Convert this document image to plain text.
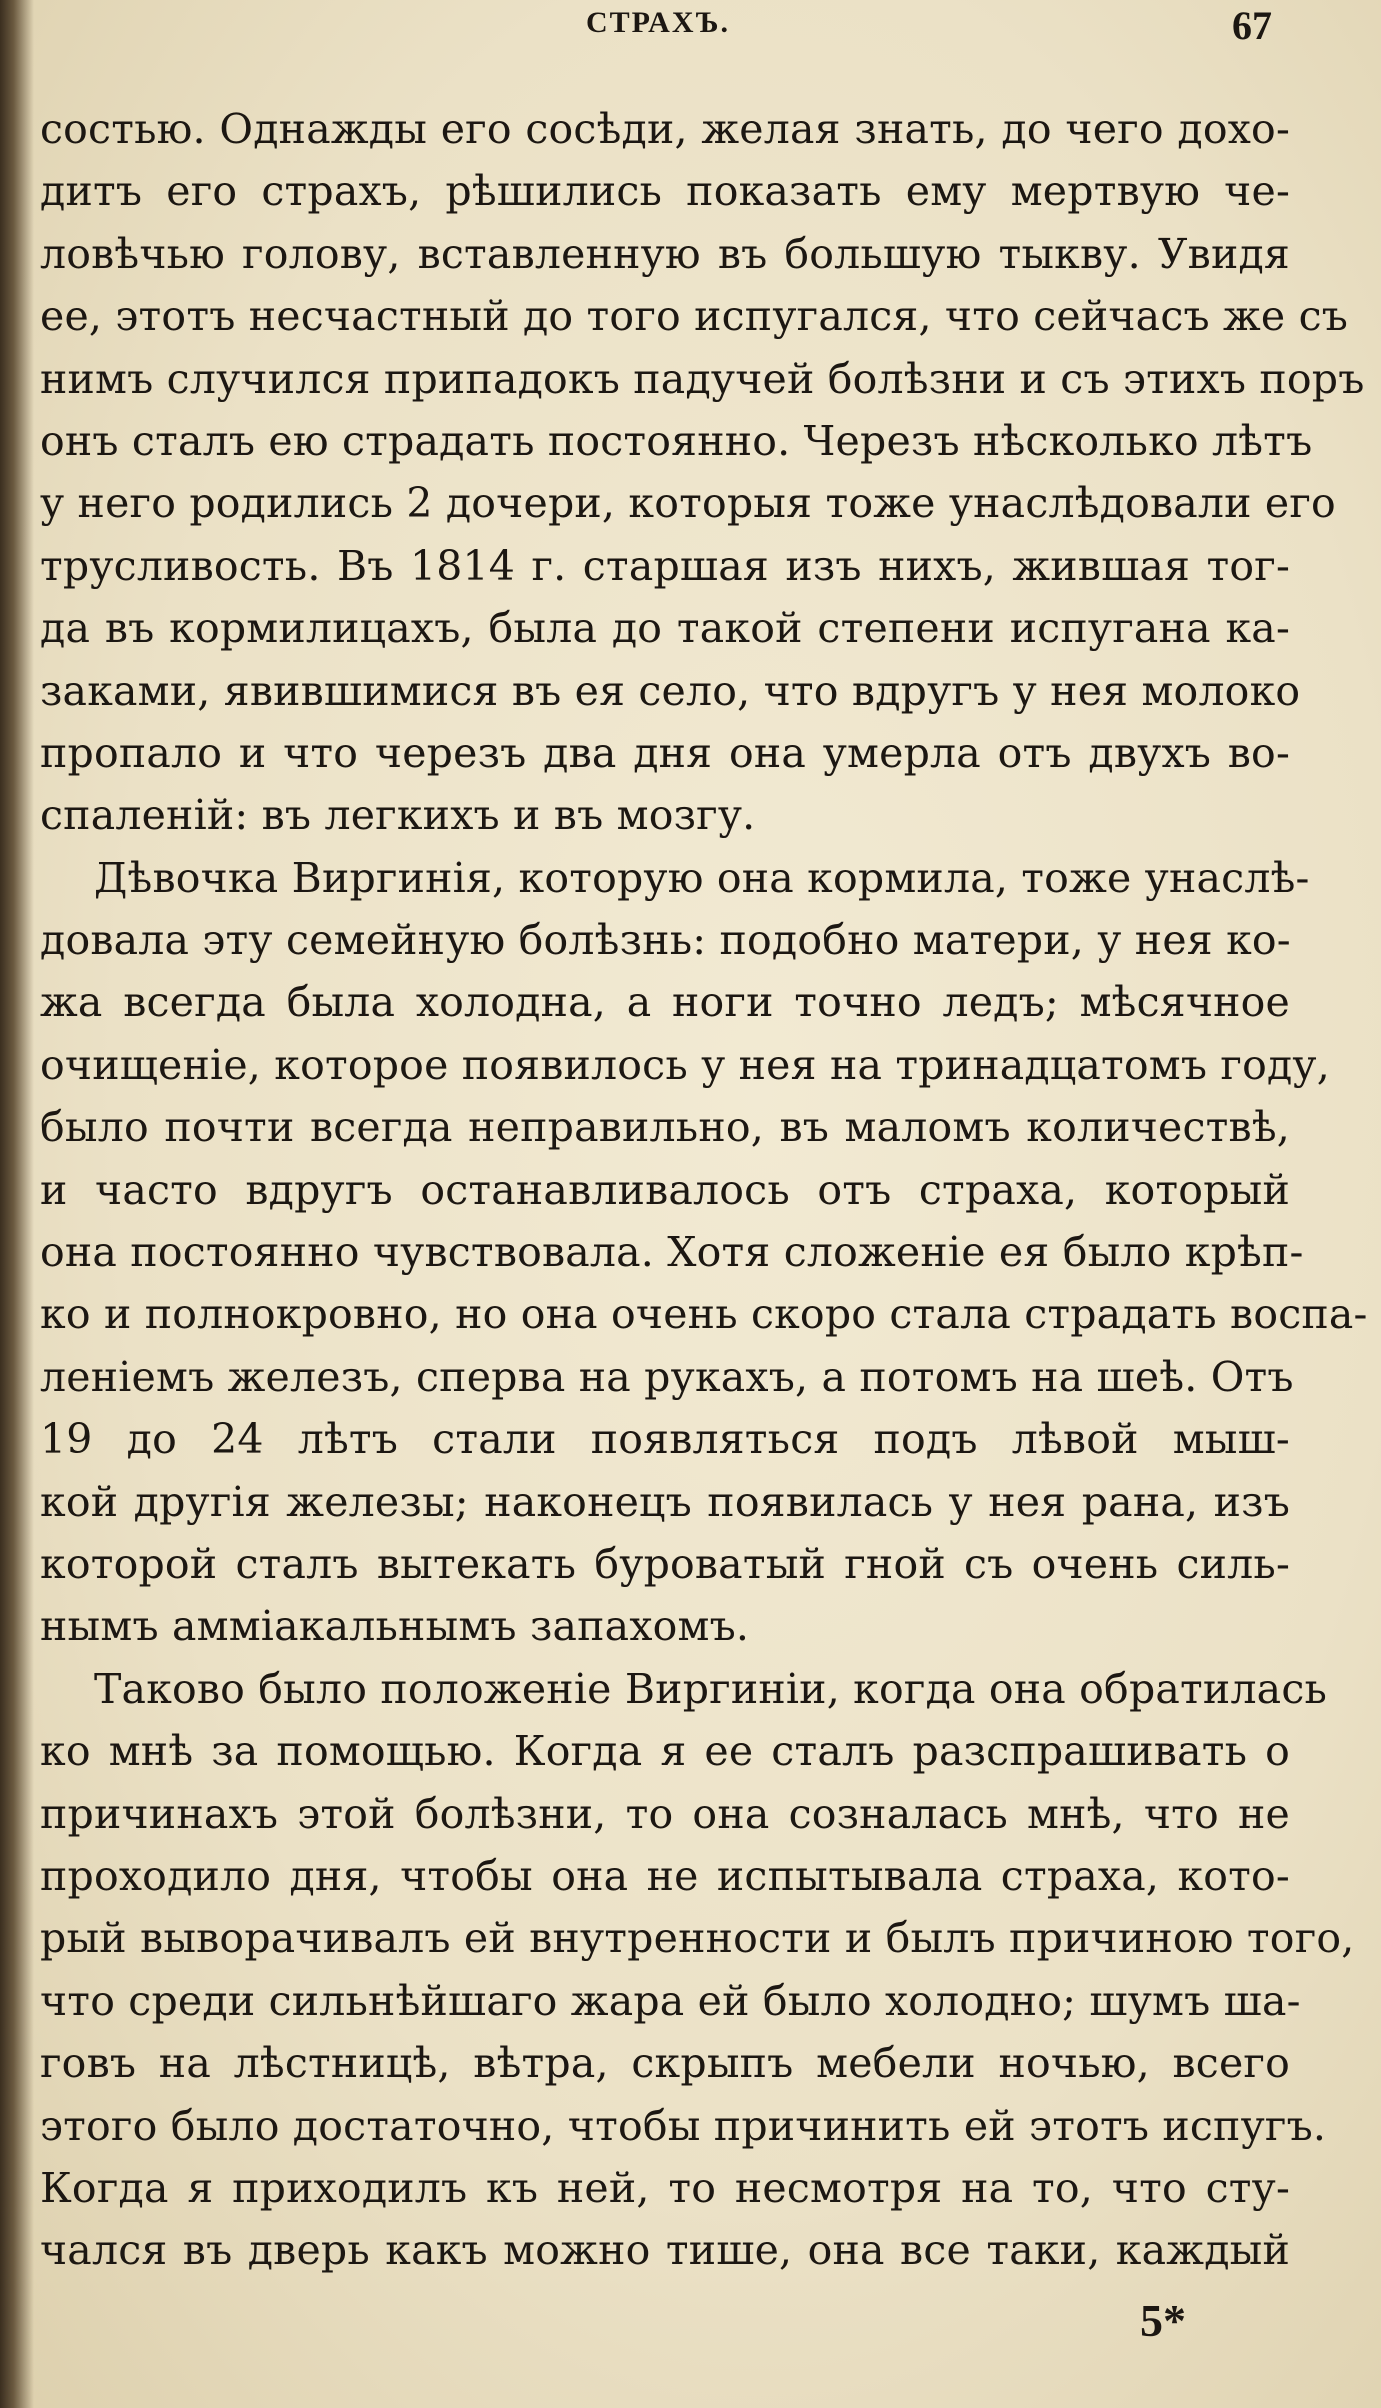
СТРАХЪ.	67
состью. Однажды его сосѣди, желая знать, до чего дохо-
дитъ его страхъ, рѣшились показать ему мертвую че-
ловѣчью голову, вставленную въ большую тыкву. Увидя
ее, этотъ несчастный до того испугался, что сейчасъ же съ
нимъ случился припадокъ падучей болѣзни и съ этихъ поръ
онъ сталъ ею страдать постоянно. Черезъ нѣсколько лѣтъ
у него родились 2 дочери, которыя тоже унаслѣдовали его
трусливость. Въ 1814 г. старшая изъ нихъ, жившая тог-
да въ кормилицахъ, была до такой степени испугана ка-
заками, явившимися въ ея село, что вдругъ у нея молоко
пропало и что черезъ два дня она умерла отъ двухъ во-
спаленій: въ легкихъ и въ мозгу.
Дѣвочка Виргинія, которую она кормила, тоже унаслѣ-
довала эту семейную болѣзнь: подобно матери, у нея ко-
жа всегда была холодна, а ноги точно ледъ; мѣсячное
очищеніе, которое появилось у нея на тринадцатомъ году,
было почти всегда неправильно, въ маломъ количествѣ,
и часто вдругъ останавливалось отъ страха, который
она постоянно чувствовала. Хотя сложеніе ея было крѣп-
ко и полнокровно, но она очень скоро стала страдать воспа-
леніемъ железъ, сперва на рукахъ, а потомъ на шеѣ. Отъ
19 до 24 лѣтъ стали появляться подъ лѣвой мыш-
кой другія железы; наконецъ появилась у нея рана, изъ
которой сталъ вытекать буроватый гной съ очень силь-
нымъ амміакальнымъ запахомъ.
Таково было положеніе Виргиніи, когда она обратилась
ко мнѣ за помощью. Когда я ее сталъ разспрашивать о
причинахъ этой болѣзни, то она созналась мнѣ, что не
проходило дня, чтобы она не испытывала страха, кото-
рый выворачивалъ ей внутренности и былъ причиною того,
что среди сильнѣйшаго жара ей было холодно; шумъ ша-
говъ на лѣстницѣ, вѣтра, скрыпъ мебели ночью, всего
этого было достаточно, чтобы причинить ей этотъ испугъ.
Когда я приходилъ къ ней, то несмотря на то, что сту-
чался въ дверь какъ можно тише, она все таки, каждый
5*
